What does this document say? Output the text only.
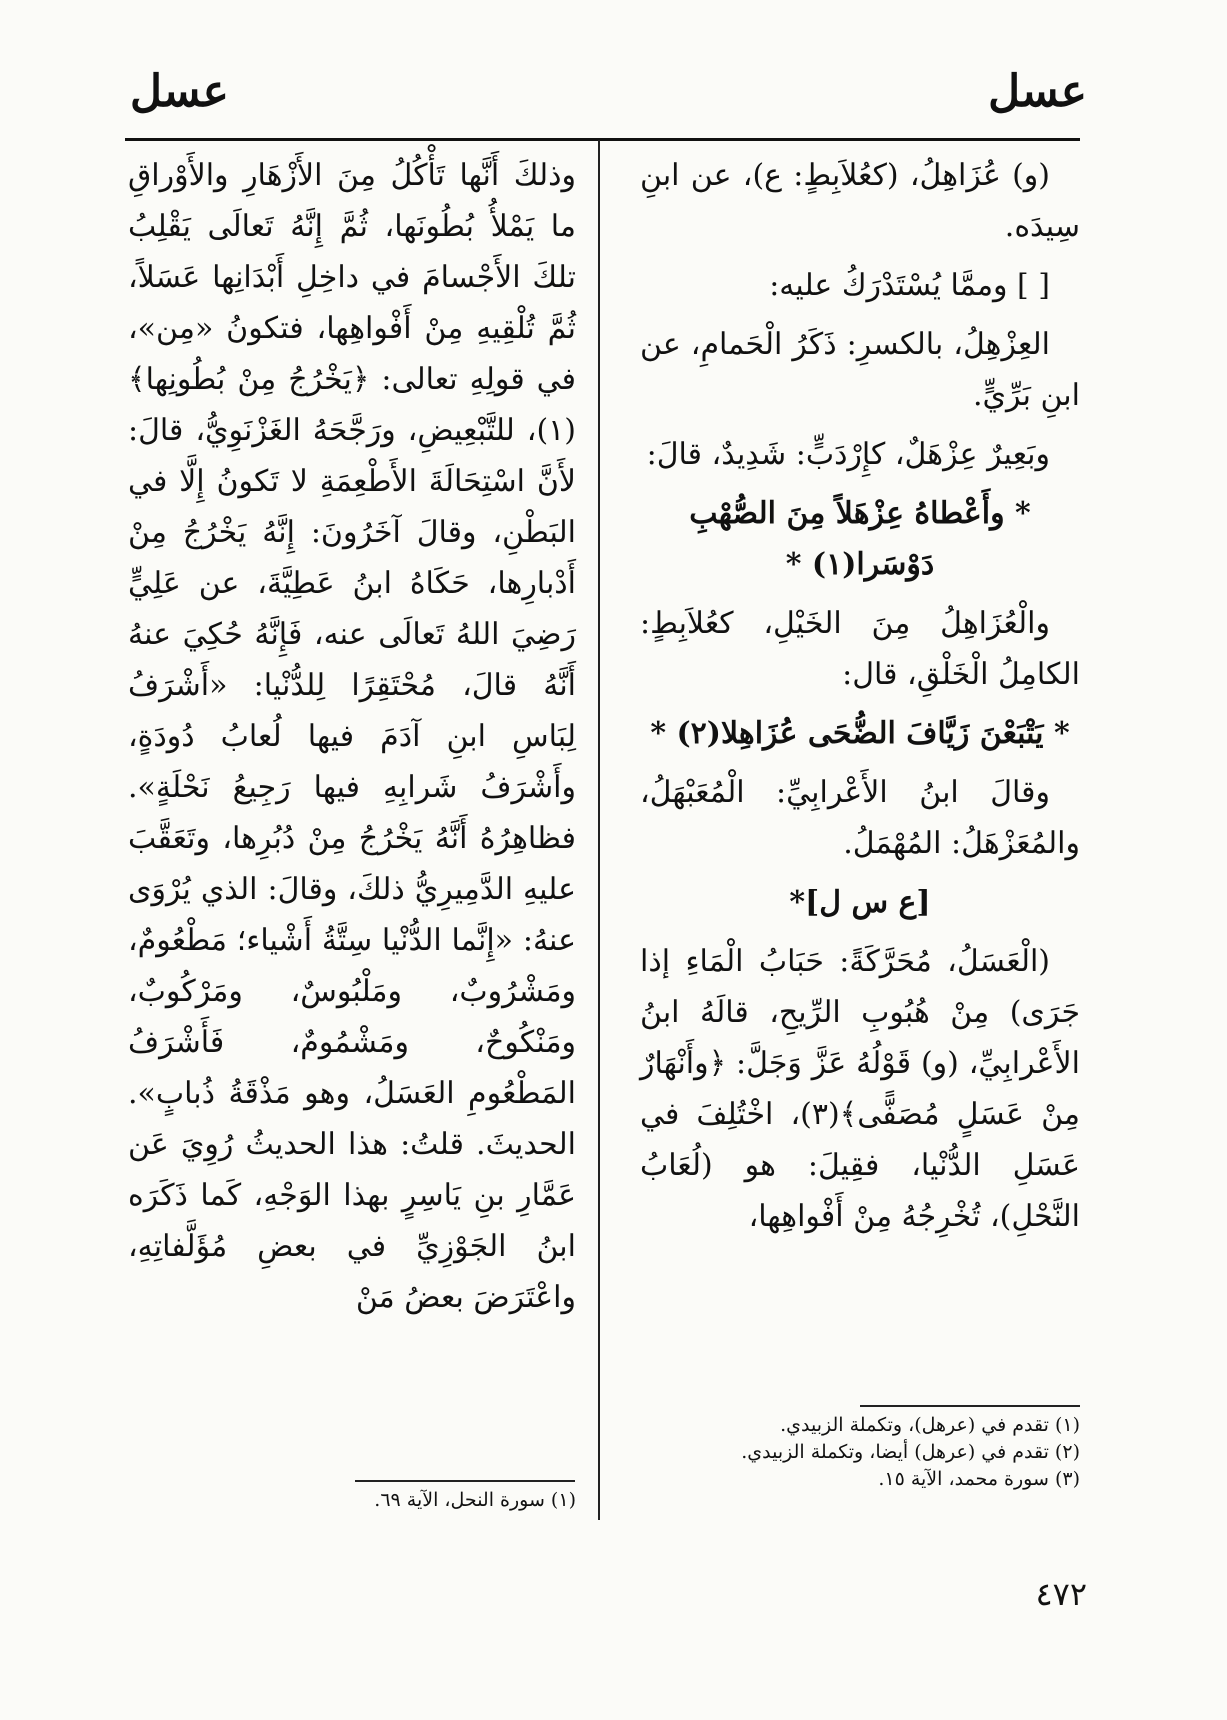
عسل
عسل

(و) عُزَاهِلُ، (كعُلاَبِطٍ: ع)، عن ابنِ سِيدَه.

[ ] وممَّا يُسْتَدْرَكُ عليه:

العِزْهِلُ، بالكسرِ: ذَكَرُ الْحَمامِ، عن ابنِ بَرِّيٍّ.

وبَعِيرٌ عِزْهَلٌ، كإِرْدَبٍّ: شَدِيدٌ، قالَ:

* وأَعْطاهُ عِزْهَلاً مِنَ الصُّهْبِ دَوْسَرا(١) *

والْعُزَاهِلُ مِنَ الخَيْلِ، كعُلاَبِطٍ: الكامِلُ الْخَلْقِ، قال:

* يَتْبَعْنَ زَيَّافَ الضُّحَى عُزَاهِلا(٢) *

وقالَ ابنُ الأَعْرابِيِّ: الْمُعَبْهَلُ، والمُعَزْهَلُ: المُهْمَلُ.

[ع س ل]*

(الْعَسَلُ، مُحَرَّكَةً: حَبَابُ الْمَاءِ إذا جَرَى) مِنْ هُبُوبِ الرِّيحِ، قالَهُ ابنُ الأَعْرابِيِّ، (و) قَوْلُهُ عَزَّ وَجَلَّ: ﴿وأَنْهَارٌ مِنْ عَسَلٍ مُصَفًّى﴾(٣)، اخْتُلِفَ في عَسَلِ الدُّنْيا، فقِيلَ: هو (لُعَابُ النَّحْلِ)، تُخْرِجُهُ مِنْ أَفْواهِها،

وذلكَ أَنَّها تَأْكُلُ مِنَ الأَزْهَارِ والأَوْراقِ ما يَمْلأُ بُطُونَها، ثُمَّ إِنَّهُ تَعالَى يَقْلِبُ تلكَ الأَجْسامَ في داخِلِ أَبْدَانِها عَسَلاً، ثُمَّ تُلْقِيهِ مِنْ أَفْواهِها، فتكونُ «مِن»، في قولِهِ تعالى: ﴿يَخْرُجُ مِنْ بُطُونِها﴾(١)، للتَّبْعِيضِ، ورَجَّحَهُ الغَزْنَوِيُّ، قالَ: لأَنَّ اسْتِحَالَةَ الأَطْعِمَةِ لا تَكونُ إِلَّا في البَطْنِ، وقالَ آخَرُونَ: إِنَّهُ يَخْرُجُ مِنْ أَدْبارِها، حَكَاهُ ابنُ عَطِيَّةَ، عن عَلِيٍّ رَضِيَ اللهُ تَعالَى عنه، فَإِنَّهُ حُكِيَ عنهُ أَنَّهُ قالَ، مُحْتَقِرًا لِلدُّنْيا: «أَشْرَفُ لِبَاسِ ابنِ آدَمَ فيها لُعابُ دُودَةٍ، وأَشْرَفُ شَرابِهِ فيها رَجِيعُ نَحْلَةٍ». فظاهِرُهُ أَنَّهُ يَخْرُجُ مِنْ دُبُرِها، وتَعَقَّبَ عليهِ الدَّمِيرِيُّ ذلكَ، وقالَ: الذي يُرْوَى عنهُ: «إِنَّما الدُّنْيا سِتَّةُ أَشْياء؛ مَطْعُومٌ، ومَشْرُوبٌ، ومَلْبُوسٌ، ومَرْكُوبٌ، ومَنْكُوحٌ، ومَشْمُومٌ، فَأَشْرَفُ المَطْعُومِ العَسَلُ، وهو مَذْقَةُ ذُبابٍ». الحديثَ. قلتُ: هذا الحديثُ رُوِيَ عَن عَمَّارِ بنِ يَاسِرٍ بهذا الوَجْهِ، كَما ذَكَرَه ابنُ الجَوْزِيِّ في بعضِ مُؤَلَّفاتِهِ، واعْتَرَضَ بعضُ مَنْ

(١) تقدم في (عرهل)، وتكملة الزبيدي.
(٢) تقدم في (عرهل) أيضا، وتكملة الزبيدي.
(٣) سورة محمد، الآية ١٥.
(١) سورة النحل، الآية ٦٩.
٤٧٢
